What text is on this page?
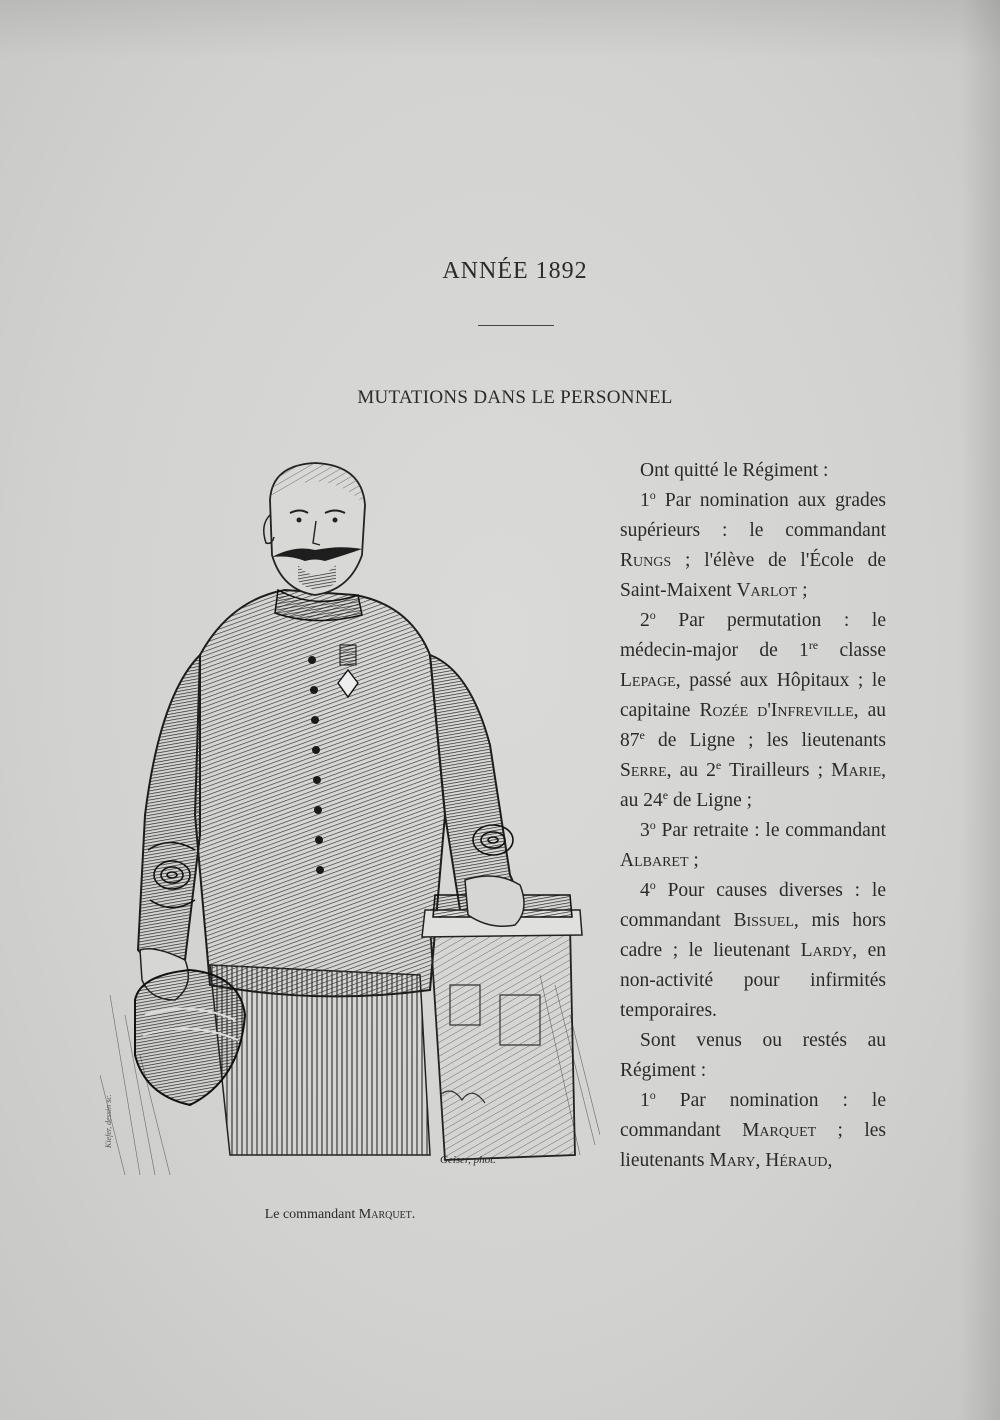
ANNÉE 1892
MUTATIONS DANS LE PERSONNEL
Kiefer, dessin sc.
Geiser, phot.
Le commandant Marquet.

Ont quitté le Régiment :

1$^o$ Par nomination aux grades supérieurs : le commandant Rungs ; l'élève de l'École de Saint-Maixent Varlot ;

2$^o$ Par permutation : le médecin-major de 1re classe Lepage, passé aux Hôpitaux ; le capitaine Rozée d'Infreville, au 87e de Ligne ; les lieutenants Serre, au 2e Tirailleurs ; Marie, au 24e de Ligne ;

3$^o$ Par retraite : le commandant Albaret ;

4$^o$ Pour causes diverses : le commandant Bissuel, mis hors cadre ; le lieutenant Lardy, en non-activité pour infirmités temporaires.

Sont venus ou restés au Régiment :

1$^o$ Par nomination : le commandant Marquet ; les lieutenants Mary, Héraud,
